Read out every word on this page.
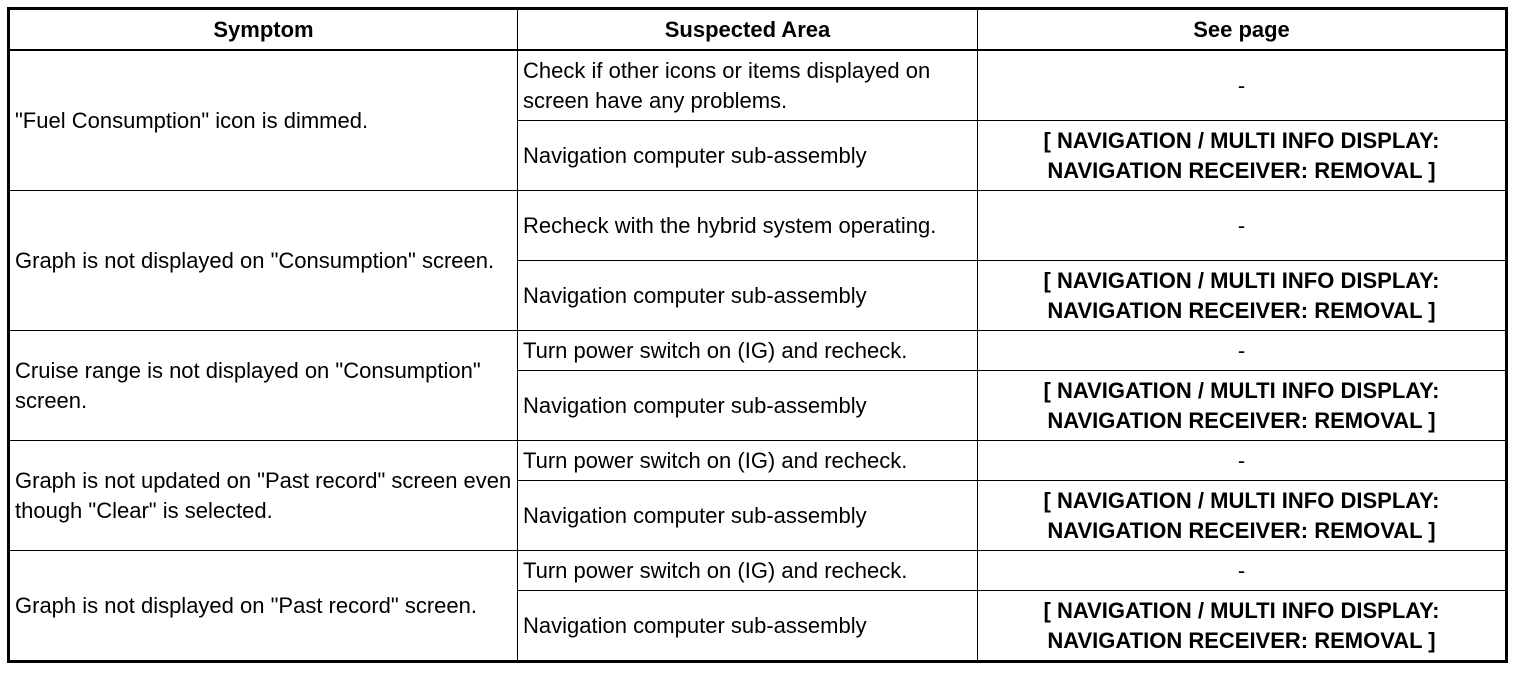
Symptom	Suspected Area	See page
"Fuel Consumption" icon is dimmed.	Check if other icons or items displayed on screen have any problems.	-
	Navigation computer sub-assembly	[ NAVIGATION / MULTI INFO DISPLAY:
NAVIGATION RECEIVER: REMOVAL ]

Graph is not displayed on "Consumption" screen.	Recheck with the hybrid system operating.	-
	Navigation computer sub-assembly	[ NAVIGATION / MULTI INFO DISPLAY:
NAVIGATION RECEIVER: REMOVAL ]

Cruise range is not displayed on "Consumption" screen.	Turn power switch on (IG) and recheck.	-
	Navigation computer sub-assembly	[ NAVIGATION / MULTI INFO DISPLAY:
NAVIGATION RECEIVER: REMOVAL ]

Graph is not updated on "Past record" screen even though "Clear" is selected.	Turn power switch on (IG) and recheck.	-
	Navigation computer sub-assembly	[ NAVIGATION / MULTI INFO DISPLAY:
NAVIGATION RECEIVER: REMOVAL ]

Graph is not displayed on "Past record" screen.	Turn power switch on (IG) and recheck.	-
	Navigation computer sub-assembly	[ NAVIGATION / MULTI INFO DISPLAY:
NAVIGATION RECEIVER: REMOVAL ]
